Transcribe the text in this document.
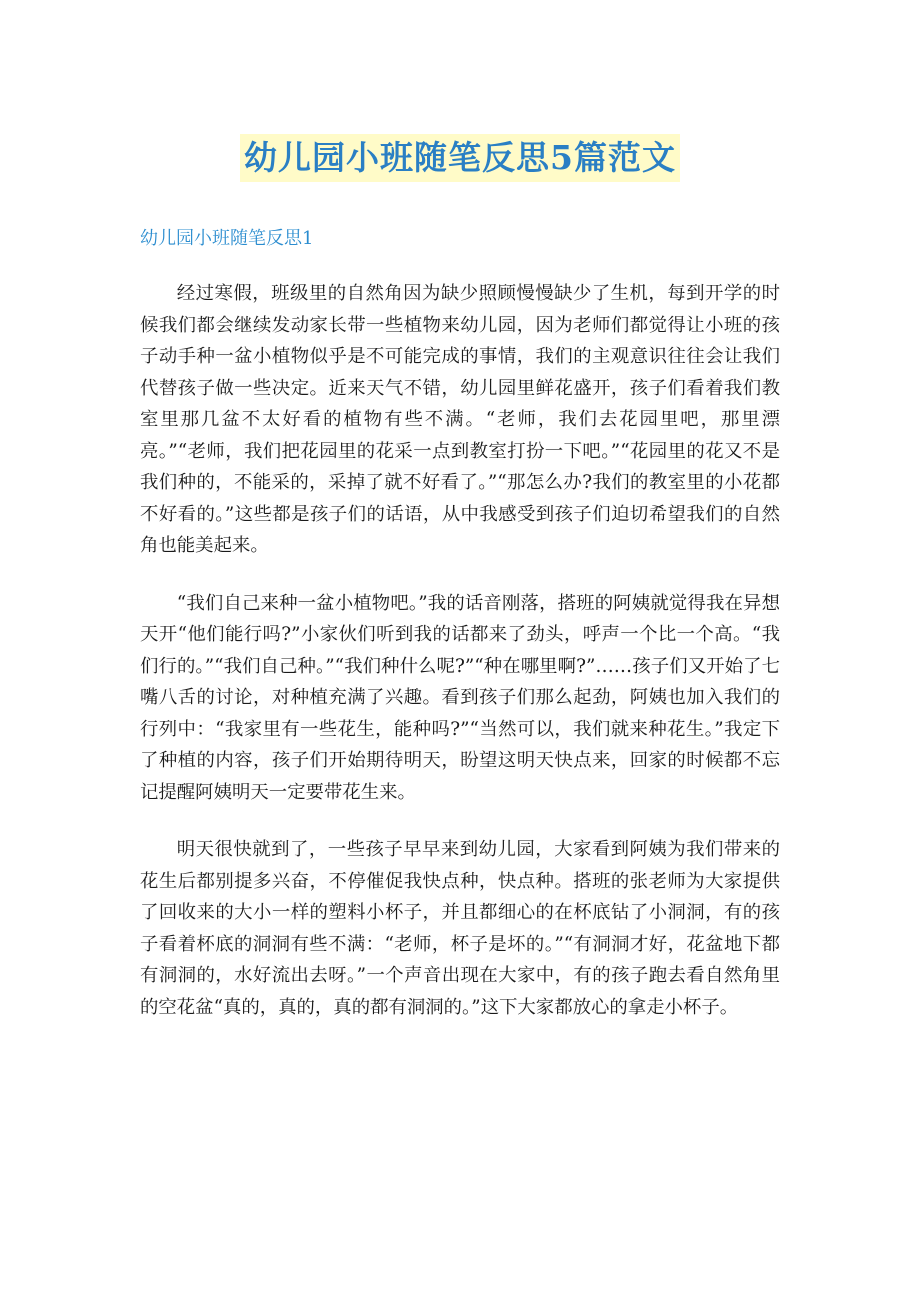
幼儿园小班随笔反思5篇范文
幼儿园小班随笔反思1

经过寒假，班级里的自然角因为缺少照顾慢慢缺少了生机，每到开学的时候我们都会继续发动家长带一些植物来幼儿园，因为老师们都觉得让小班的孩子动手种一盆小植物似乎是不可能完成的事情，我们的主观意识往往会让我们代替孩子做一些决定。近来天气不错，幼儿园里鲜花盛开，孩子们看着我们教室里那几盆不太好看的植物有些不满。“老师，我们去花园里吧，那里漂亮。”“老师，我们把花园里的花采一点到教室打扮一下吧。”“花园里的花又不是我们种的，不能采的，采掉了就不好看了。”“那怎么办?我们的教室里的小花都不好看的。”这些都是孩子们的话语，从中我感受到孩子们迫切希望我们的自然角也能美起来。

“我们自己来种一盆小植物吧。”我的话音刚落，搭班的阿姨就觉得我在异想天开“他们能行吗?”小家伙们听到我的话都来了劲头，呼声一个比一个高。“我们行的。”“我们自己种。”“我们种什么呢?”“种在哪里啊?”……孩子们又开始了七嘴八舌的讨论，对种植充满了兴趣。看到孩子们那么起劲，阿姨也加入我们的行列中：“我家里有一些花生，能种吗?”“当然可以，我们就来种花生。”我定下了种植的内容，孩子们开始期待明天，盼望这明天快点来，回家的时候都不忘记提醒阿姨明天一定要带花生来。

明天很快就到了，一些孩子早早来到幼儿园，大家看到阿姨为我们带来的花生后都别提多兴奋，不停催促我快点种，快点种。搭班的张老师为大家提供了回收来的大小一样的塑料小杯子，并且都细心的在杯底钻了小洞洞，有的孩子看着杯底的洞洞有些不满：“老师，杯子是坏的。”“有洞洞才好，花盆地下都有洞洞的，水好流出去呀。”一个声音出现在大家中，有的孩子跑去看自然角里的空花盆“真的，真的，真的都有洞洞的。”这下大家都放心的拿走小杯子。
